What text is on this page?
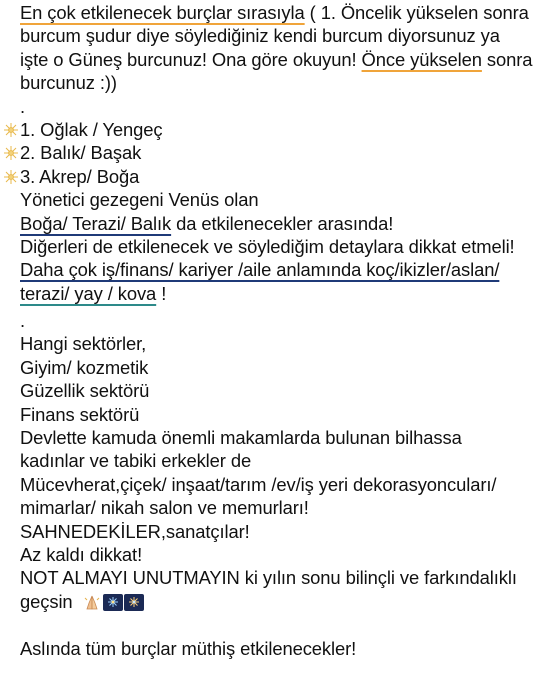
En çok etkilenecek burçlar sırasıyla ( 1. Öncelik yükselen sonra
burcum şudur diye söylediğiniz kendi burcum diyorsunuz ya
işte o Güneş burcunuz! Ona göre okuyun! Önce yükselen sonra
burcunuz :))
.
1. Oğlak / Yengeç
2. Balık/ Başak
3. Akrep/ Boğa
Yönetici gezegeni Venüs olan
Boğa/ Terazi/ Balık da etkilenecekler arasında!
Diğerleri de etkilenecek ve söylediğim detaylara dikkat etmeli!
Daha çok iş/finans/ kariyer /aile anlamında koç/ikizler/aslan/
terazi/ yay / kova !
.
Hangi sektörler,
Giyim/ kozmetik
Güzellik sektörü
Finans sektörü
Devlette kamuda önemli makamlarda bulunan bilhassa
kadınlar ve tabiki erkekler de
Mücevherat,çiçek/ inşaat/tarım /ev/iş yeri dekorasyoncuları/
mimarlar/ nikah salon ve memurları!
SAHNEDEKİLER,sanatçılar!
Az kaldı dikkat!
NOT ALMAYI UNUTMAYIN ki yılın sonu bilinçli ve farkındalıklı
geçsin
Aslında tüm burçlar müthiş etkilenecekler!
